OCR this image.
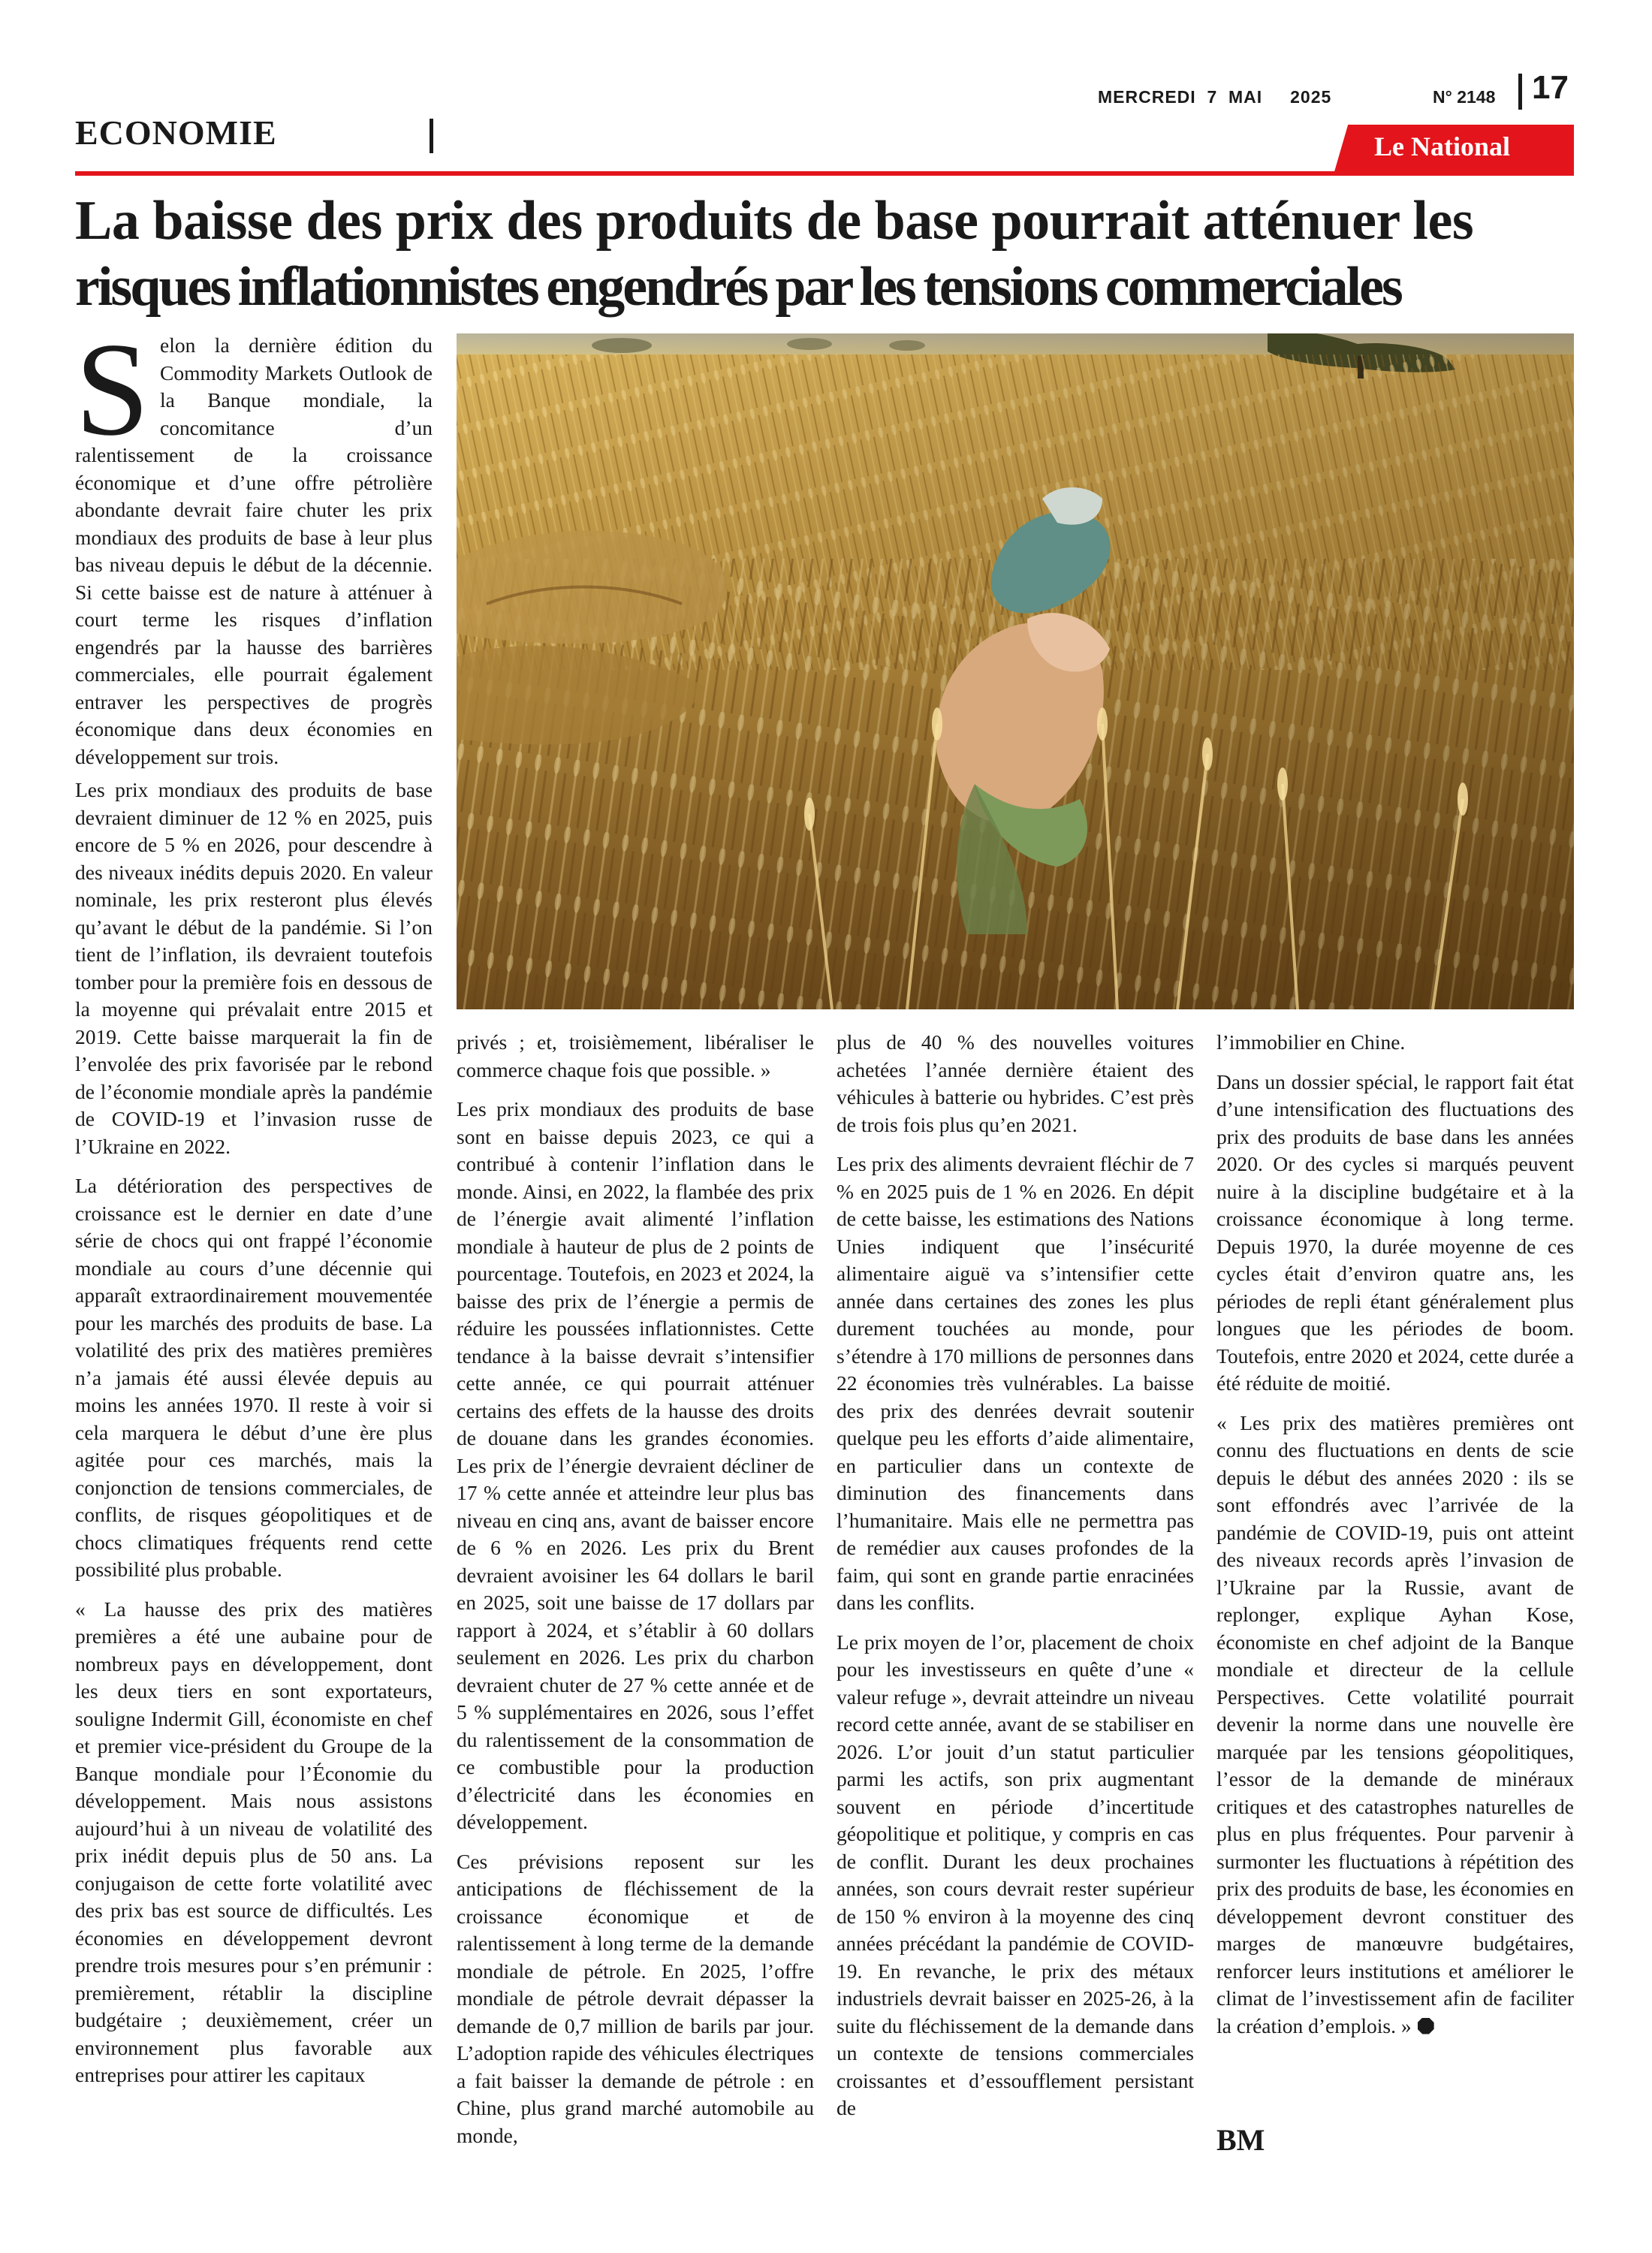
MERCREDI  7  MAI     2025	N° 2148 17
ECONOMIE	Le National
La baisse des prix des produits de base pourrait atténuer les
risques inflationnistes engendrés par les tensions commerciales

Selon la dernière édition du Commodity Markets Outlook de la Banque mondiale, la concomitance d’un ralentissement de la croissance économique et d’une offre pétrolière abondante devrait faire chuter les prix mondiaux des produits de base à leur plus bas niveau depuis le début de la décennie. Si cette baisse est de nature à atténuer à court terme les risques d’inflation engendrés par la hausse des barrières commerciales, elle pourrait également entraver les perspectives de progrès économique dans deux économies en développement sur trois.

Les prix mondiaux des produits de base devraient diminuer de 12 % en 2025, puis encore de 5 % en 2026, pour descendre à des niveaux inédits depuis 2020. En valeur nominale, les prix resteront plus élevés qu’avant le début de la pandémie. Si l’on tient de l’inflation, ils devraient toutefois tomber pour la première fois en dessous de la moyenne qui prévalait entre 2015 et 2019. Cette baisse marquerait la fin de l’envolée des prix favorisée par le rebond de l’économie mondiale après la pandémie de COVID-19 et l’invasion russe de l’Ukraine en 2022.

La détérioration des perspectives de croissance est le dernier en date d’une série de chocs qui ont frappé l’économie mondiale au cours d’une décennie qui apparaît extraordinairement mouvementée pour les marchés des produits de base. La volatilité des prix des matières premières n’a jamais été aussi élevée depuis au moins les années 1970. Il reste à voir si cela marquera le début d’une ère plus agitée pour ces marchés, mais la conjonction de tensions commerciales, de conflits, de risques géopolitiques et de chocs climatiques fréquents rend cette possibilité plus probable.

« La hausse des prix des matières premières a été une aubaine pour de nombreux pays en développement, dont les deux tiers en sont exportateurs, souligne Indermit Gill, économiste en chef et premier vice-président du Groupe de la Banque mondiale pour l’Économie du développement. Mais nous assistons aujourd’hui à un niveau de volatilité des prix inédit depuis plus de 50 ans. La conjugaison de cette forte volatilité avec des prix bas est source de difficultés. Les économies en développement devront prendre trois mesures pour s’en prémunir : premièrement, rétablir la discipline budgétaire ; deuxièmement, créer un environnement plus favorable aux entreprises pour attirer les capitaux

privés ; et, troisièmement, libéraliser le commerce chaque fois que possible. »

Les prix mondiaux des produits de base sont en baisse depuis 2023, ce qui a contribué à contenir l’inflation dans le monde. Ainsi, en 2022, la flambée des prix de l’énergie avait alimenté l’inflation mondiale à hauteur de plus de 2 points de pourcentage. Toutefois, en 2023 et 2024, la baisse des prix de l’énergie a permis de réduire les poussées inflationnistes. Cette tendance à la baisse devrait s’intensifier cette année, ce qui pourrait atténuer certains des effets de la hausse des droits de douane dans les grandes économies. Les prix de l’énergie devraient décliner de 17 % cette année et atteindre leur plus bas niveau en cinq ans, avant de baisser encore de 6 % en 2026. Les prix du Brent devraient avoisiner les 64 dollars le baril en 2025, soit une baisse de 17 dollars par rapport à 2024, et s’établir à 60 dollars seulement en 2026. Les prix du charbon devraient chuter de 27 % cette année et de 5 % supplémentaires en 2026, sous l’effet du ralentissement de la consommation de ce combustible pour la production d’électricité dans les économies en développement.

Ces prévisions reposent sur les anticipations de fléchissement de la croissance économique et de ralentissement à long terme de la demande mondiale de pétrole. En 2025, l’offre mondiale de pétrole devrait dépasser la demande de 0,7 million de barils par jour. L’adoption rapide des véhicules électriques a fait baisser la demande de pétrole : en Chine, plus grand marché automobile au monde,

plus de 40 % des nouvelles voitures achetées l’année dernière étaient des véhicules à batterie ou hybrides. C’est près de trois fois plus qu’en 2021.

Les prix des aliments devraient fléchir de 7 % en 2025 puis de 1 % en 2026. En dépit de cette baisse, les estimations des Nations Unies indiquent que l’insécurité alimentaire aiguë va s’intensifier cette année dans certaines des zones les plus durement touchées au monde, pour s’étendre à 170 millions de personnes dans 22 économies très vulnérables. La baisse des prix des denrées devrait soutenir quelque peu les efforts d’aide alimentaire, en particulier dans un contexte de diminution des financements dans l’humanitaire. Mais elle ne permettra pas de remédier aux causes profondes de la faim, qui sont en grande partie enracinées dans les conflits.

Le prix moyen de l’or, placement de choix pour les investisseurs en quête d’une « valeur refuge », devrait atteindre un niveau record cette année, avant de se stabiliser en 2026. L’or jouit d’un statut particulier parmi les actifs, son prix augmentant souvent en période d’incertitude géopolitique et politique, y compris en cas de conflit. Durant les deux prochaines années, son cours devrait rester supérieur de 150 % environ à la moyenne des cinq années précédant la pandémie de COVID-19. En revanche, le prix des métaux industriels devrait baisser en 2025-26, à la suite du fléchissement de la demande dans un contexte de tensions commerciales croissantes et d’essoufflement persistant de

l’immobilier en Chine.

Dans un dossier spécial, le rapport fait état d’une intensification des fluctuations des prix des produits de base dans les années 2020. Or des cycles si marqués peuvent nuire à la discipline budgétaire et à la croissance économique à long terme. Depuis 1970, la durée moyenne de ces cycles était d’environ quatre ans, les périodes de repli étant généralement plus longues que les périodes de boom. Toutefois, entre 2020 et 2024, cette durée a été réduite de moitié.

« Les prix des matières premières ont connu des fluctuations en dents de scie depuis le début des années 2020 : ils se sont effondrés avec l’arrivée de la pandémie de COVID-19, puis ont atteint des niveaux records après l’invasion de l’Ukraine par la Russie, avant de replonger, explique Ayhan Kose, économiste en chef adjoint de la Banque mondiale et directeur de la cellule Perspectives. Cette volatilité pourrait devenir la norme dans une nouvelle ère marquée par les tensions géopolitiques, l’essor de la demande de minéraux critiques et des catastrophes naturelles de plus en plus fréquentes. Pour parvenir à surmonter les fluctuations à répétition des prix des produits de base, les économies en développement devront constituer des marges de manœuvre budgétaires, renforcer leurs institutions et améliorer le climat de l’investissement afin de faciliter la création d’emplois. »

BM
